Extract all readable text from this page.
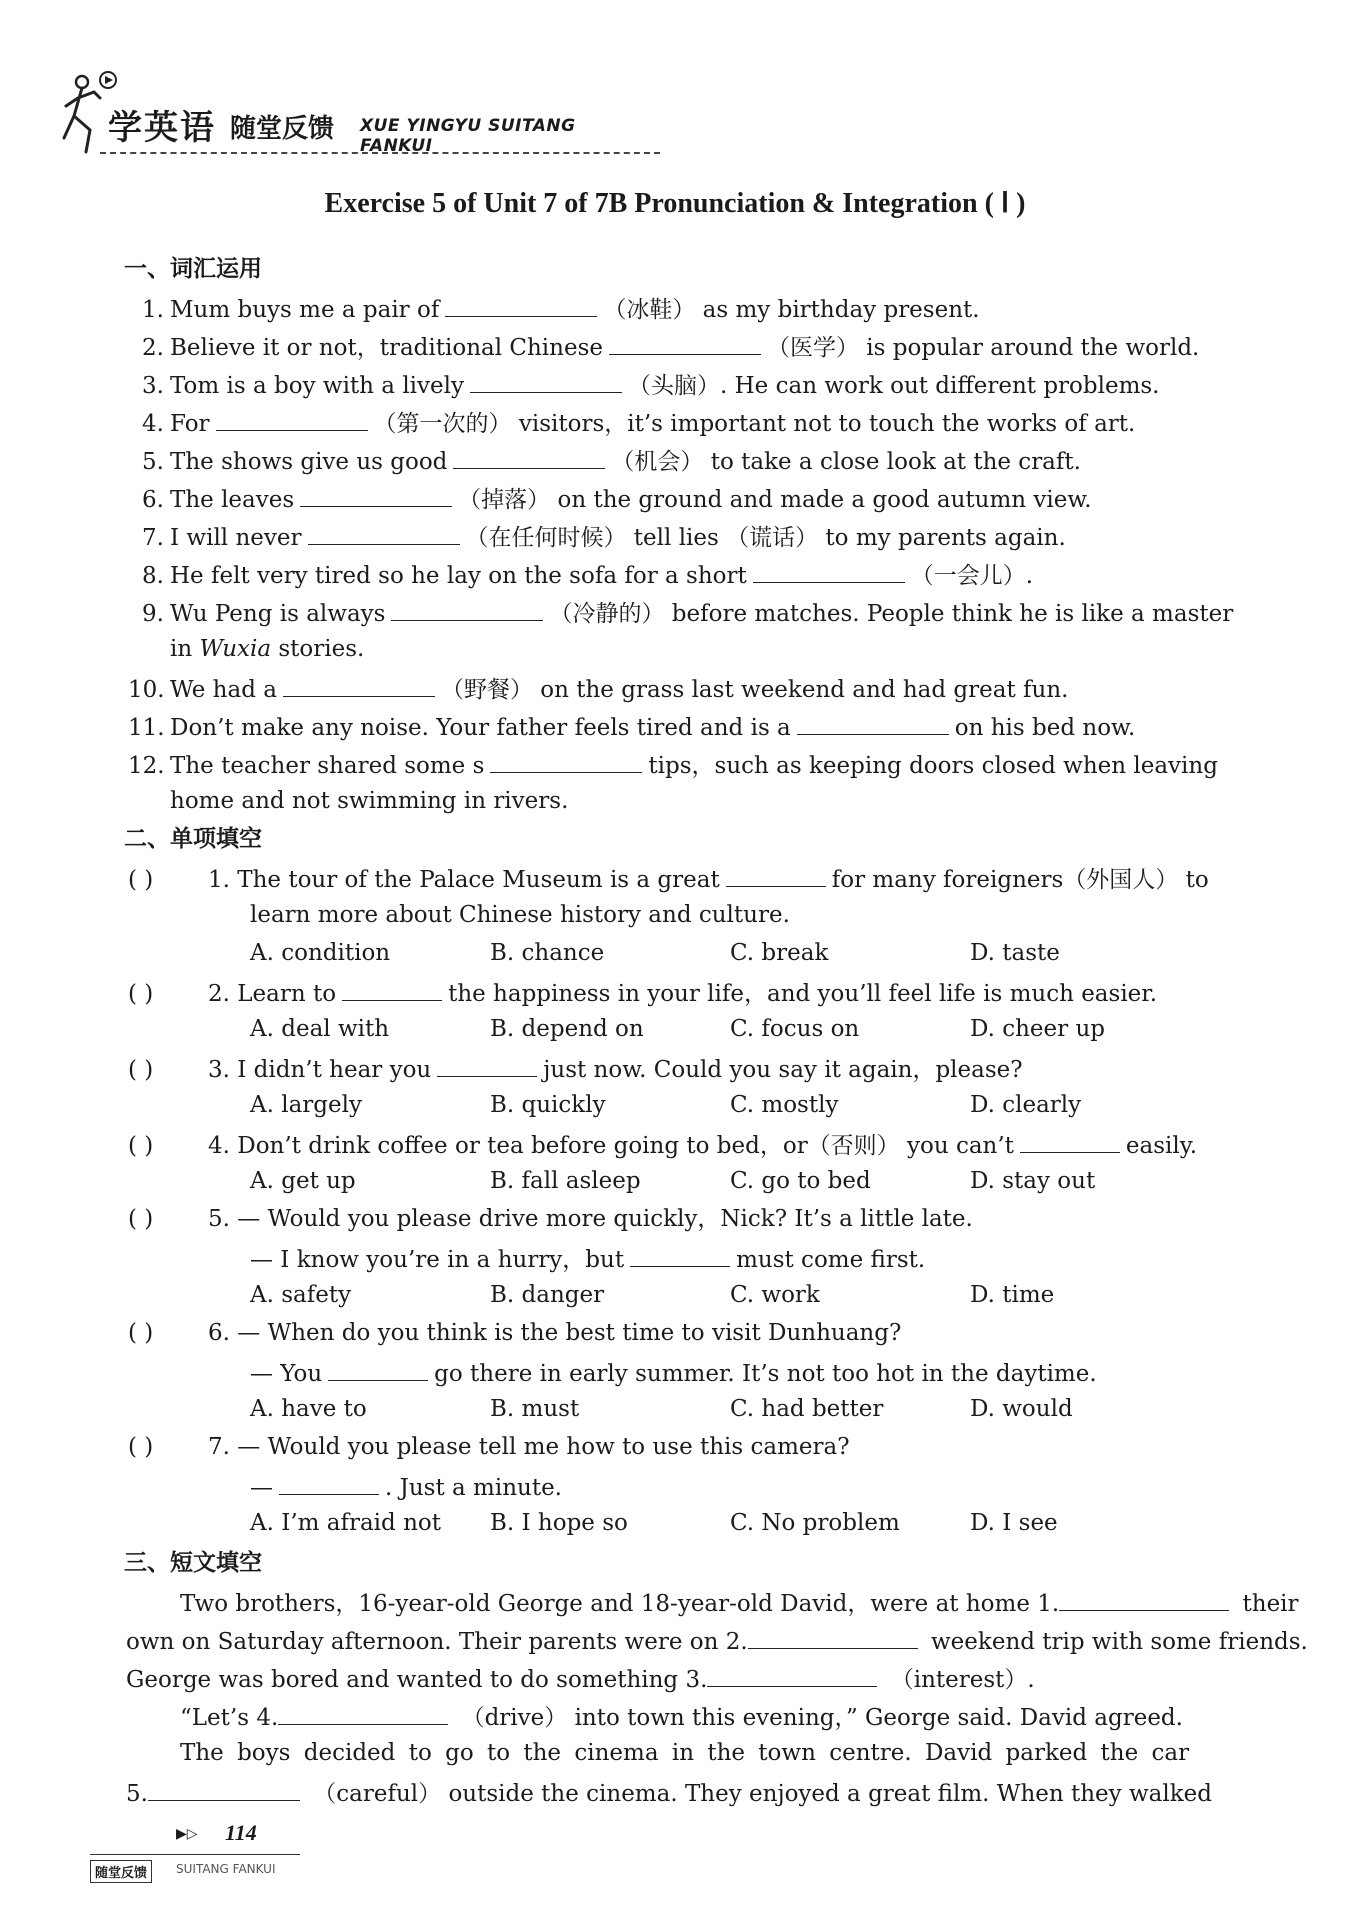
学英语 随堂反馈 XUE YINGYU SUITANG FANKUI
Exercise 5 of Unit 7 of 7B Pronunciation & Integration ( Ⅰ )
一、词汇运用
1. Mum buys me a pair of	（冰鞋） as my birthday present.
2. Believe it or not，traditional Chinese	（医学） is popular around the world.
3. Tom is a boy with a lively	（头脑）. He can work out different problems.
4. For	（第一次的） visitors，it’s important not to touch the works of art.
5. The shows give us good	（机会） to take a close look at the craft.
6. The leaves	（掉落） on the ground and made a good autumn view.
7. I will never	（在任何时候） tell lies （谎话） to my parents again.
8. He felt very tired so he lay on the sofa for a short	（一会儿）.
9. Wu Peng is always	（冷静的） before matches. People think he is like a master
in Wuxia stories.
10. We had a	（野餐） on the grass last weekend and had great fun.
11. Don’t make any noise. Your father feels tired and is a	on his bed now.
12. The teacher shared some s	tips，such as keeping doors closed when leaving
home and not swimming in rivers.
二、单项填空
( ) 1. The tour of the Palace Museum is a great	for many foreigners（外国人） to
learn more about Chinese history and culture.
A. condition	B. chance	C. break	D. taste
( ) 2. Learn to	the happiness in your life，and you’ll feel life is much easier.
A. deal with	B. depend on	C. focus on	D. cheer up
( ) 3. I didn’t hear you	just now. Could you say it again，please?
A. largely	B. quickly	C. mostly	D. clearly
( ) 4. Don’t drink coffee or tea before going to bed，or（否则） you can’t	easily.
A. get up	B. fall asleep	C. go to bed	D. stay out
( ) 5. — Would you please drive more quickly，Nick? It’s a little late.
— I know you’re in a hurry，but	must come first.
A. safety	B. danger	C. work	D. time
( ) 6. — When do you think is the best time to visit Dunhuang?
— You	go there in early summer. It’s not too hot in the daytime.
A. have to	B. must	C. had better	D. would
( ) 7. — Would you please tell me how to use this camera?
—	. Just a minute.
A. I’m afraid not B. I hope so	C. No problem	D. I see
三、短文填空
Two brothers，16-year-old George and 18-year-old David，were at home 1.	their
own on Saturday afternoon. Their parents were on 2.	weekend trip with some friends.
George was bored and wanted to do something 3.	（interest）.
“Let’s 4.	（drive） into town this evening，” George said. David agreed.
The boys decided to go to the cinema in the town centre. David parked the car
5.	（careful） outside the cinema. They enjoyed a great film. When they walked
▶▷ 114
随堂反馈	SUITANG FANKUI
